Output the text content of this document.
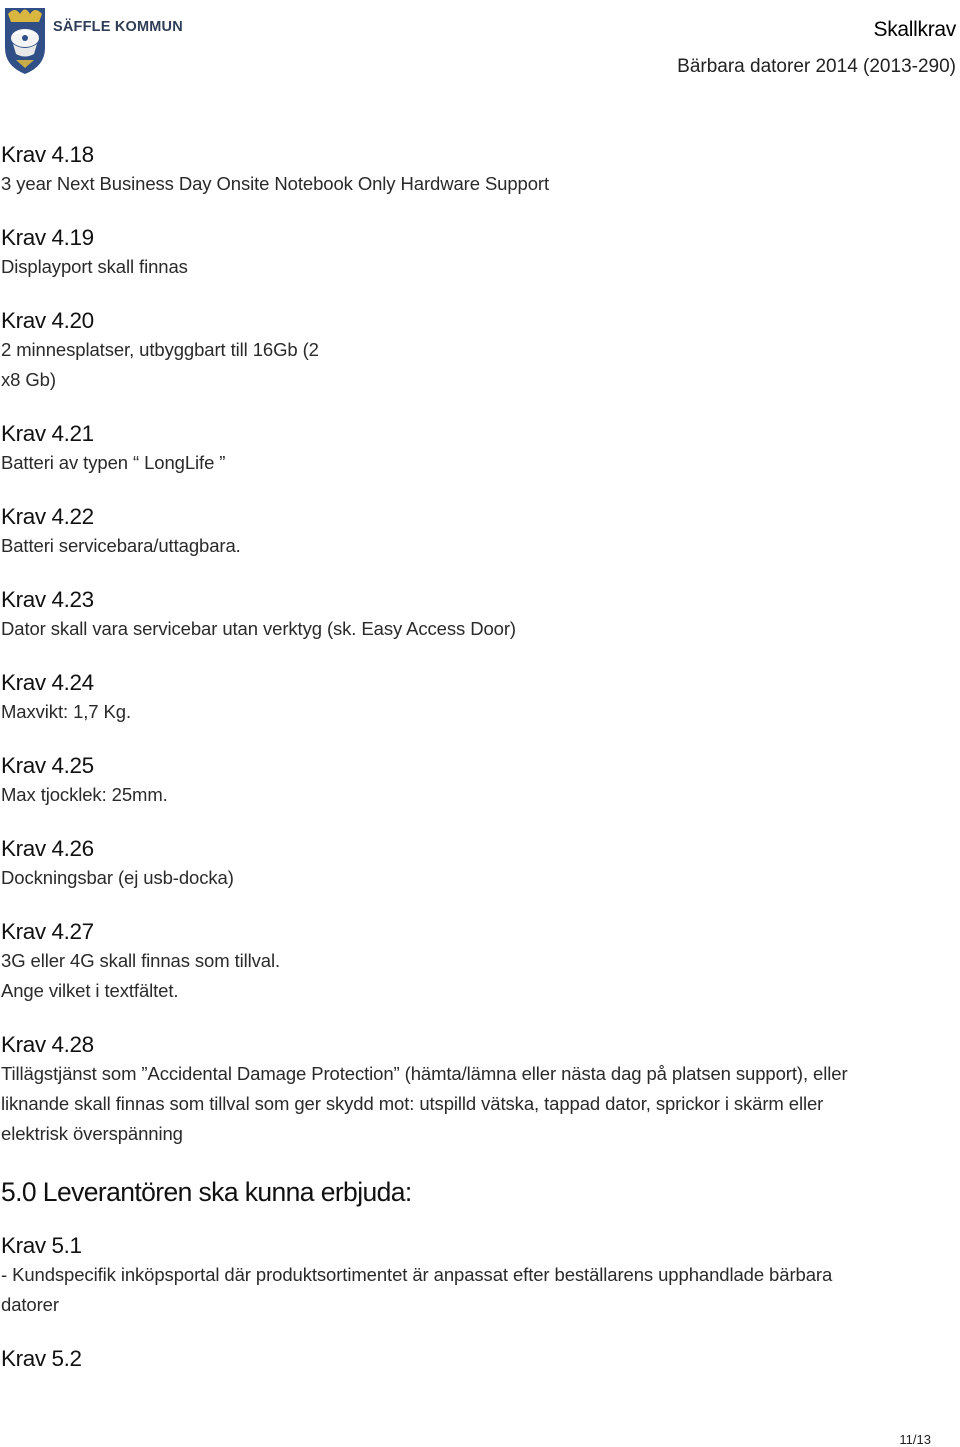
SÄFFLE KOMMUN	Skallkrav
Bärbara datorer 2014 (2013-290)
Krav 4.18
3 year Next Business Day Onsite Notebook Only Hardware Support
Krav 4.19
Displayport skall finnas
Krav 4.20
2 minnesplatser, utbyggbart till 16Gb (2
x8 Gb)
Krav 4.21
Batteri av typen “ LongLife ”
Krav 4.22
Batteri servicebara/uttagbara.
Krav 4.23
Dator skall vara servicebar utan verktyg (sk. Easy Access Door)
Krav 4.24
Maxvikt: 1,7 Kg.
Krav 4.25
Max tjocklek: 25mm.
Krav 4.26
Dockningsbar (ej usb-docka)
Krav 4.27
3G eller 4G skall finnas som tillval.
Ange vilket i textfältet.
Krav 4.28
Tillägstjänst som ”Accidental Damage Protection” (hämta/lämna eller nästa dag på platsen support), eller
liknande skall finnas som tillval som ger skydd mot: utspilld vätska, tappad dator, sprickor i skärm eller
elektrisk överspänning
5.0 Leverantören ska kunna erbjuda:
Krav 5.1
- Kundspecifik inköpsportal där produktsortimentet är anpassat efter beställarens upphandlade bärbara
datorer
Krav 5.2
11/13
